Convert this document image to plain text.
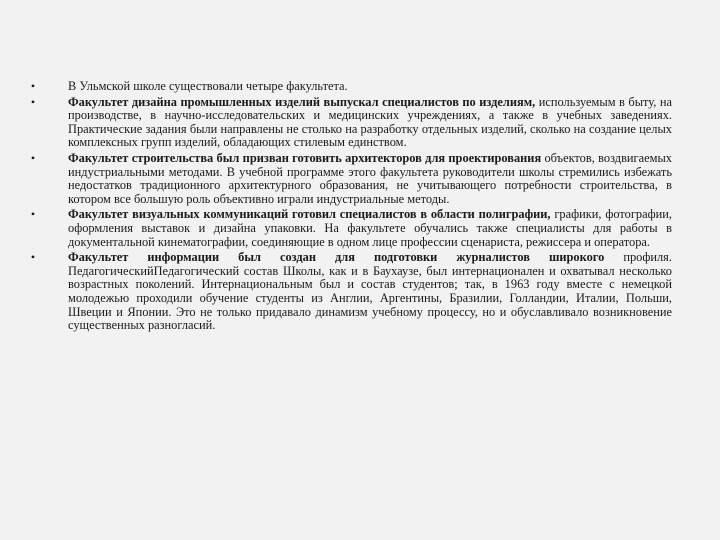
•	В Ульмской школе существовали четыре факультета.
•	Факультет дизайна промышленных изделий выпускал специалистов по изделиям, используемым в быту, на производстве, в научно-исследовательских и медицинских учреждениях, а также в учебных заведениях. Практические задания были направлены не столько на разработку отдельных изделий, сколько на создание целых комплексных групп изделий, обладающих стилевым единством.
•	Факультет строительства был призван готовить архитекторов для проектирования объектов, воздвигаемых индустриальными методами. В учебной программе этого факультета руководители школы стремились избежать недостатков традиционного архитектурного образования, не учитывающего потребности строительства, в котором все большую роль объективно играли индустриальные методы.
•	Факультет визуальных коммуникаций готовил специалистов в области полиграфии, графики, фотографии, оформления выставок и дизайна упаковки. На факультете обучались также специалисты для работы в документальной кинематографии, соединяющие в одном лице профессии сценариста, режиссера и оператора.
•	Факультет информации был создан для подготовки журналистов широкого профиля. ПедагогическийПедагогический состав Школы, как и в Баухаузе, был интернационален и охватывал несколько возрастных поколений. Интернациональным был и состав студентов; так, в 1963 году вместе с немецкой молодежью проходили обучение студенты из Англии, Аргентины, Бразилии, Голландии, Италии, Польши, Швеции и Японии. Это не только придавало динамизм учебному процессу, но и обуславливало возникновение существенных разногласий.
